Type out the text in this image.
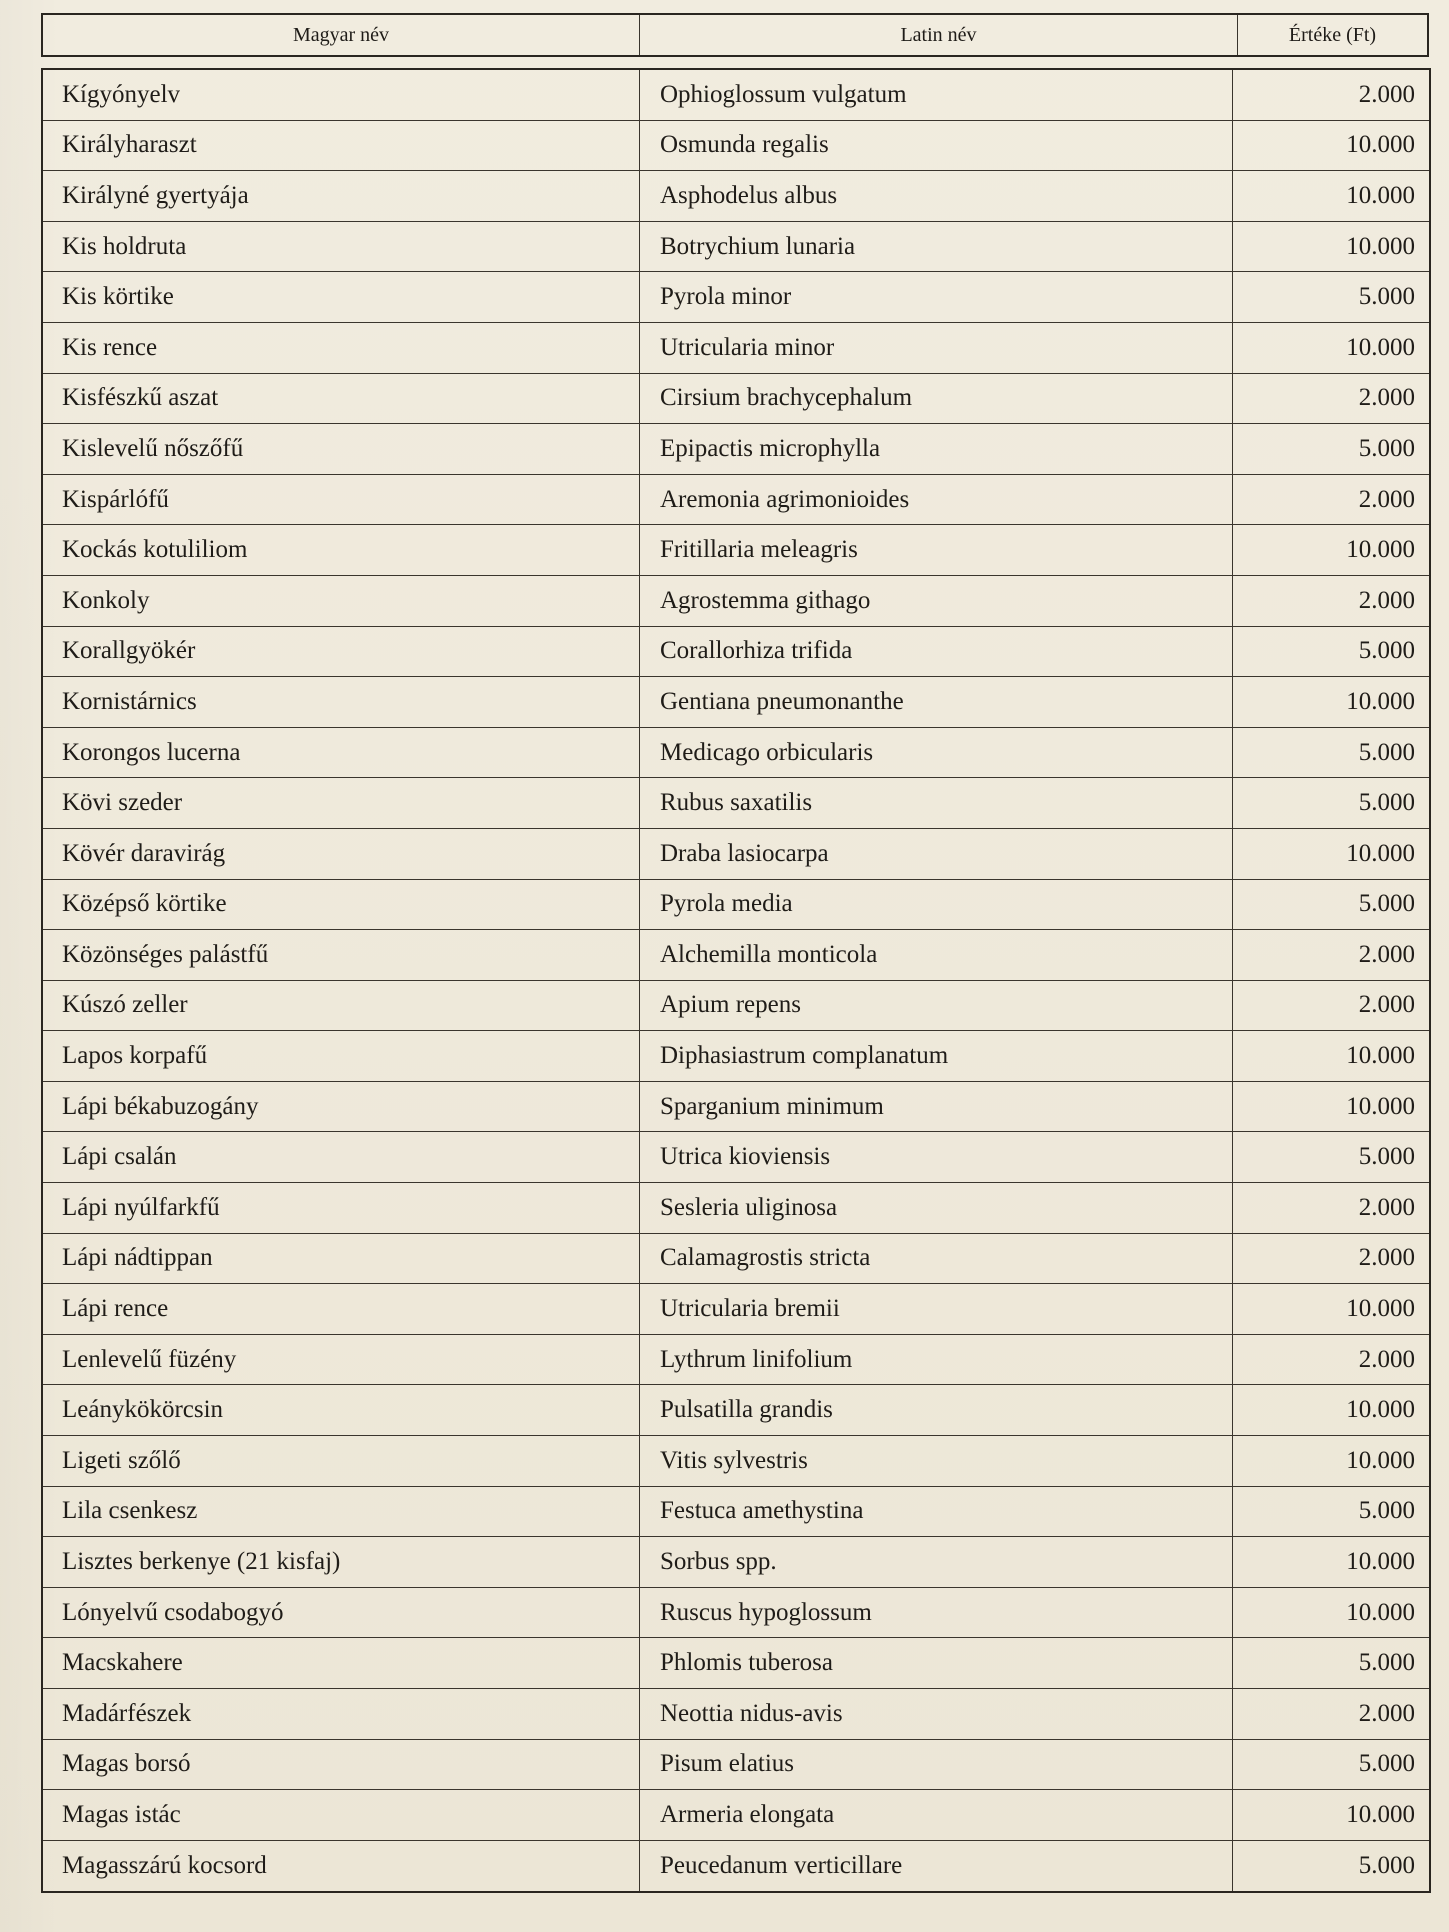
Magyar név	Latin név	Értéke (Ft)
Kígyónyelv	Ophioglossum vulgatum	2.000
Királyharaszt	Osmunda regalis	10.000
Királyné gyertyája	Asphodelus albus	10.000
Kis holdruta	Botrychium lunaria	10.000
Kis körtike	Pyrola minor	5.000
Kis rence	Utricularia minor	10.000
Kisfészkű aszat	Cirsium brachycephalum	2.000
Kislevelű nőszőfű	Epipactis microphylla	5.000
Kispárlófű	Aremonia agrimonioides	2.000
Kockás kotuliliom	Fritillaria meleagris	10.000
Konkoly	Agrostemma githago	2.000
Korallgyökér	Corallorhiza trifida	5.000
Kornistárnics	Gentiana pneumonanthe	10.000
Korongos lucerna	Medicago orbicularis	5.000
Kövi szeder	Rubus saxatilis	5.000
Kövér daravirág	Draba lasiocarpa	10.000
Középső körtike	Pyrola media	5.000
Közönséges palástfű	Alchemilla monticola	2.000
Kúszó zeller	Apium repens	2.000
Lapos korpafű	Diphasiastrum complanatum	10.000
Lápi békabuzogány	Sparganium minimum	10.000
Lápi csalán	Utrica kioviensis	5.000
Lápi nyúlfarkfű	Sesleria uliginosa	2.000
Lápi nádtippan	Calamagrostis stricta	2.000
Lápi rence	Utricularia bremii	10.000
Lenlevelű füzény	Lythrum linifolium	2.000
Leánykökörcsin	Pulsatilla grandis	10.000
Ligeti szőlő	Vitis sylvestris	10.000
Lila csenkesz	Festuca amethystina	5.000
Lisztes berkenye (21 kisfaj)	Sorbus spp.	10.000
Lónyelvű csodabogyó	Ruscus hypoglossum	10.000
Macskahere	Phlomis tuberosa	5.000
Madárfészek	Neottia nidus-avis	2.000
Magas borsó	Pisum elatius	5.000
Magas istác	Armeria elongata	10.000
Magasszárú kocsord	Peucedanum verticillare	5.000
